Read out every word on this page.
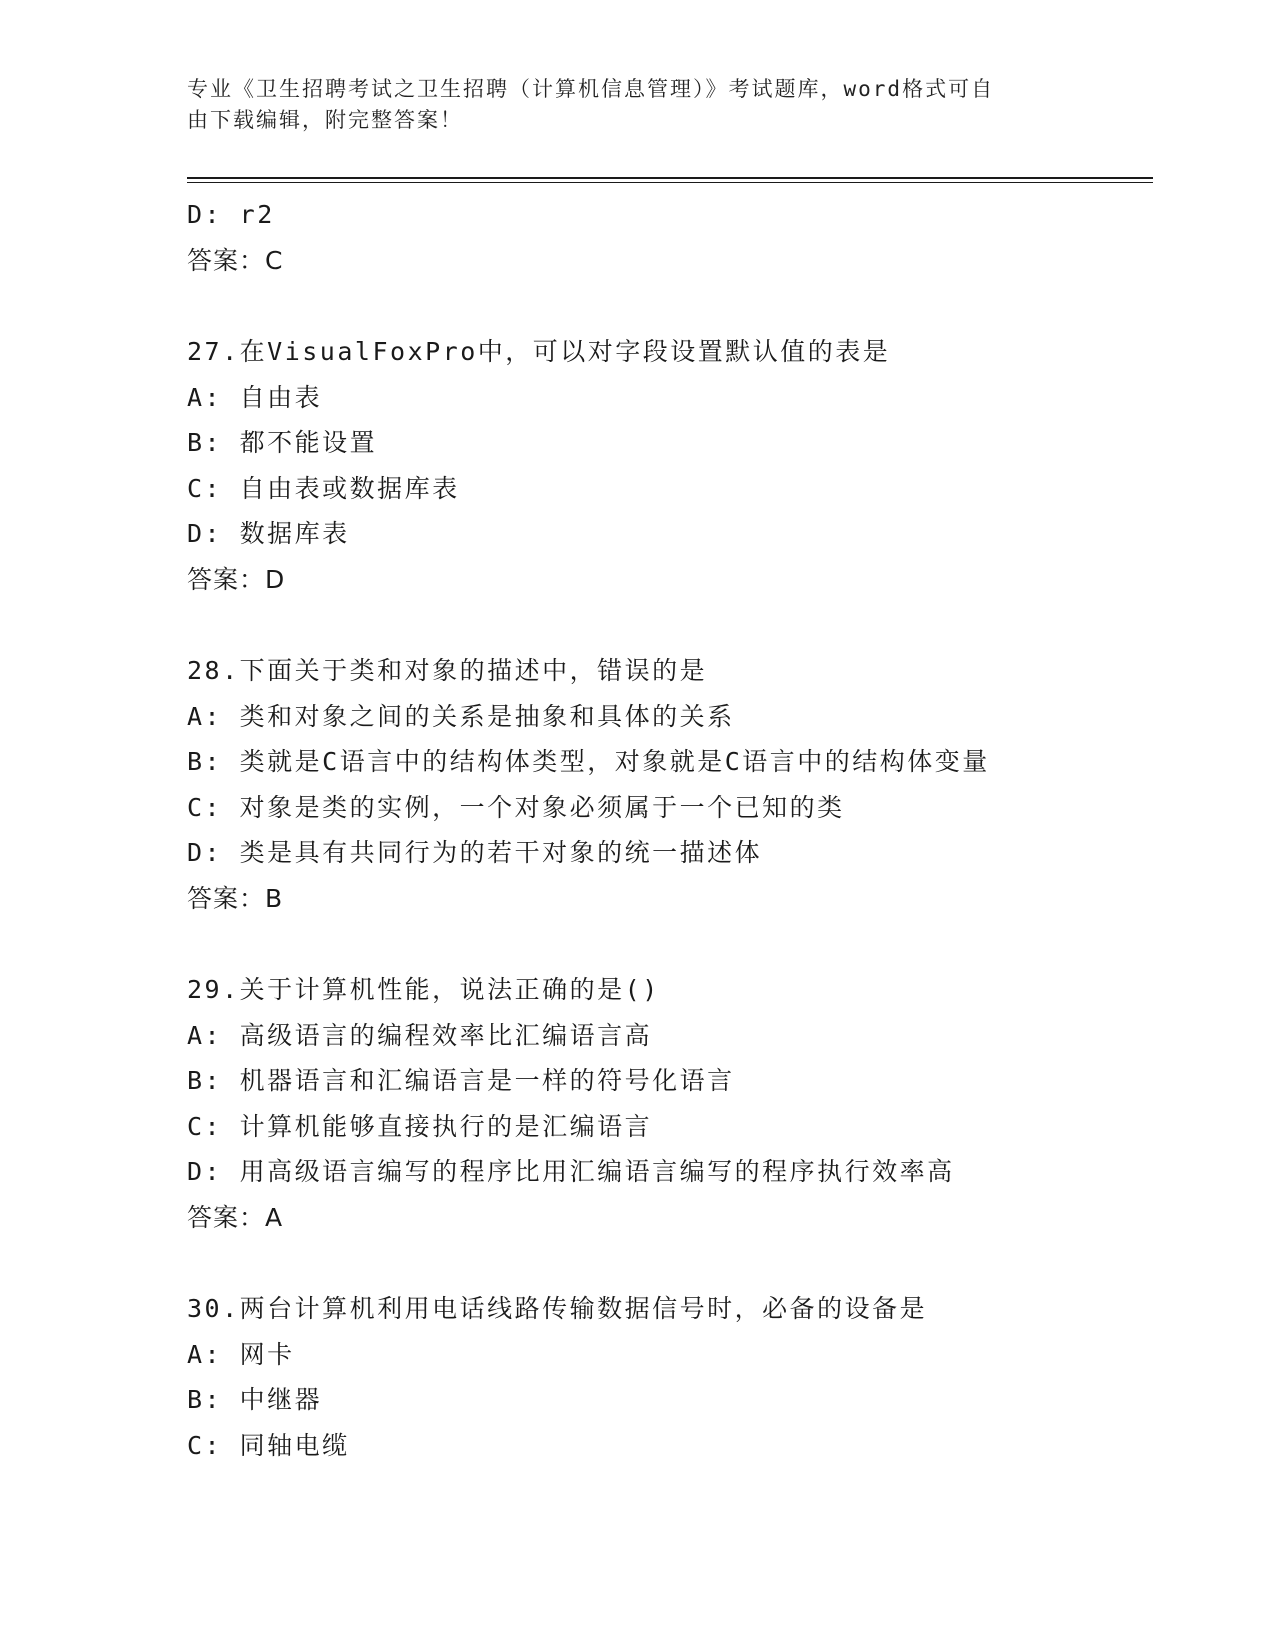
专业《卫生招聘考试之卫生招聘（计算机信息管理）》考试题库，word格式可自
由下载编辑，附完整答案！
D: r2
答案：C
27.在VisualFoxPro中，可以对字段设置默认值的表是
A: 自由表
B: 都不能设置
C: 自由表或数据库表
D: 数据库表
答案：D
28.下面关于类和对象的描述中，错误的是
A: 类和对象之间的关系是抽象和具体的关系
B: 类就是C语言中的结构体类型，对象就是C语言中的结构体变量
C: 对象是类的实例，一个对象必须属于一个已知的类
D: 类是具有共同行为的若干对象的统一描述体
答案：B
29.关于计算机性能，说法正确的是()
A: 高级语言的编程效率比汇编语言高
B: 机器语言和汇编语言是一样的符号化语言
C: 计算机能够直接执行的是汇编语言
D: 用高级语言编写的程序比用汇编语言编写的程序执行效率高
答案：A
30.两台计算机利用电话线路传输数据信号时，必备的设备是
A: 网卡
B: 中继器
C: 同轴电缆
